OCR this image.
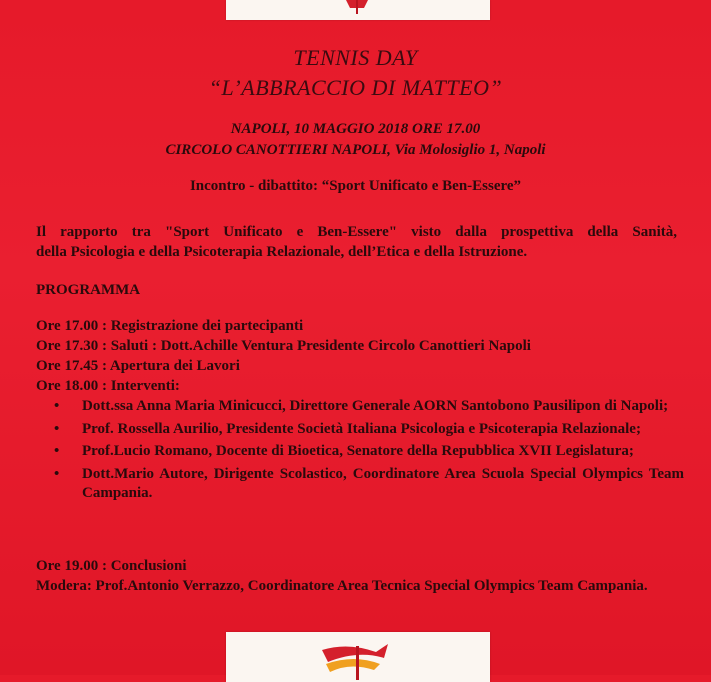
TENNIS DAY
“L’ABBRACCIO DI MATTEO”
NAPOLI, 10 MAGGIO 2018 ORE 17.00
CIRCOLO CANOTTIERI NAPOLI, Via Molosiglio 1, Napoli
Incontro - dibattito: “Sport Unificato e Ben-Essere”
Il rapporto tra "Sport Unificato e Ben-Essere" visto dalla prospettiva della Sanità,
della Psicologia e della Psicoterapia Relazionale, dell’Etica e della Istruzione.
PROGRAMMA
Ore 17.00 : Registrazione dei partecipanti
Ore 17.30 : Saluti : Dott.Achille Ventura Presidente Circolo Canottieri Napoli
Ore 17.45 : Apertura dei Lavori
Ore 18.00 : Interventi:
• Dott.ssa Anna Maria Minicucci, Direttore Generale AORN Santobono Pausilipon di Napoli;
• Prof. Rossella Aurilio, Presidente Società Italiana Psicologia e Psicoterapia Relazionale;
• Prof.Lucio Romano, Docente di Bioetica, Senatore della Repubblica XVII Legislatura;
• Dott.Mario Autore, Dirigente Scolastico, Coordinatore Area Scuola Special Olympics Team Campania.
Ore 19.00 : Conclusioni
Modera: Prof.Antonio Verrazzo, Coordinatore Area Tecnica Special Olympics Team Campania.
